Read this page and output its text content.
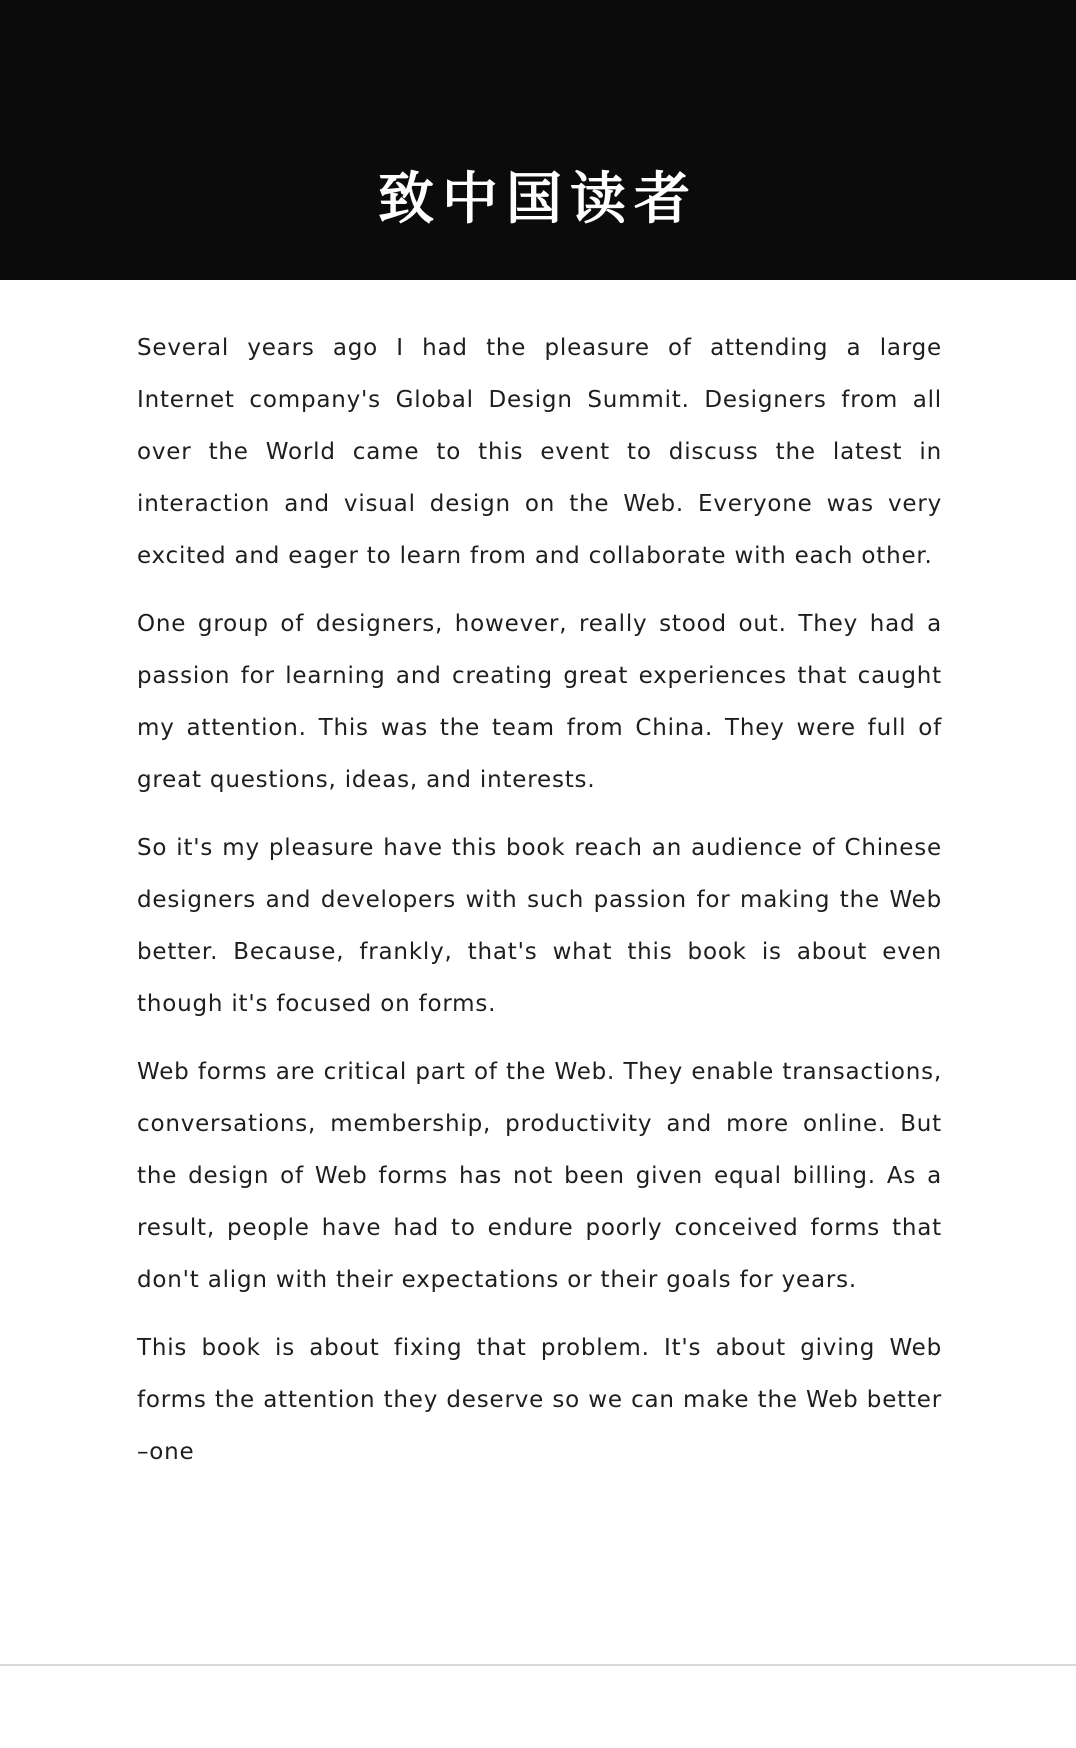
致中国读者

Several years ago I had the pleasure of attending a large Internet company's Global Design Summit. Designers from all over the World came to this event to discuss the latest in interaction and visual design on the Web. Everyone was very excited and eager to learn from and collaborate with each other.

One group of designers, however, really stood out. They had a passion for learning and creating great experiences that caught my attention. This was the team from China. They were full of great questions, ideas, and interests.

So it's my pleasure have this book reach an audience of Chinese designers and developers with such passion for making the Web better. Because, frankly, that's what this book is about even though it's focused on forms.

Web forms are critical part of the Web. They enable transactions, conversations, membership, productivity and more online. But the design of Web forms has not been given equal billing. As a result, people have had to endure poorly conceived forms that don't align with their expectations or their goals for years.

This book is about fixing that problem. It's about giving Web forms the attention they deserve so we can make the Web better –one
